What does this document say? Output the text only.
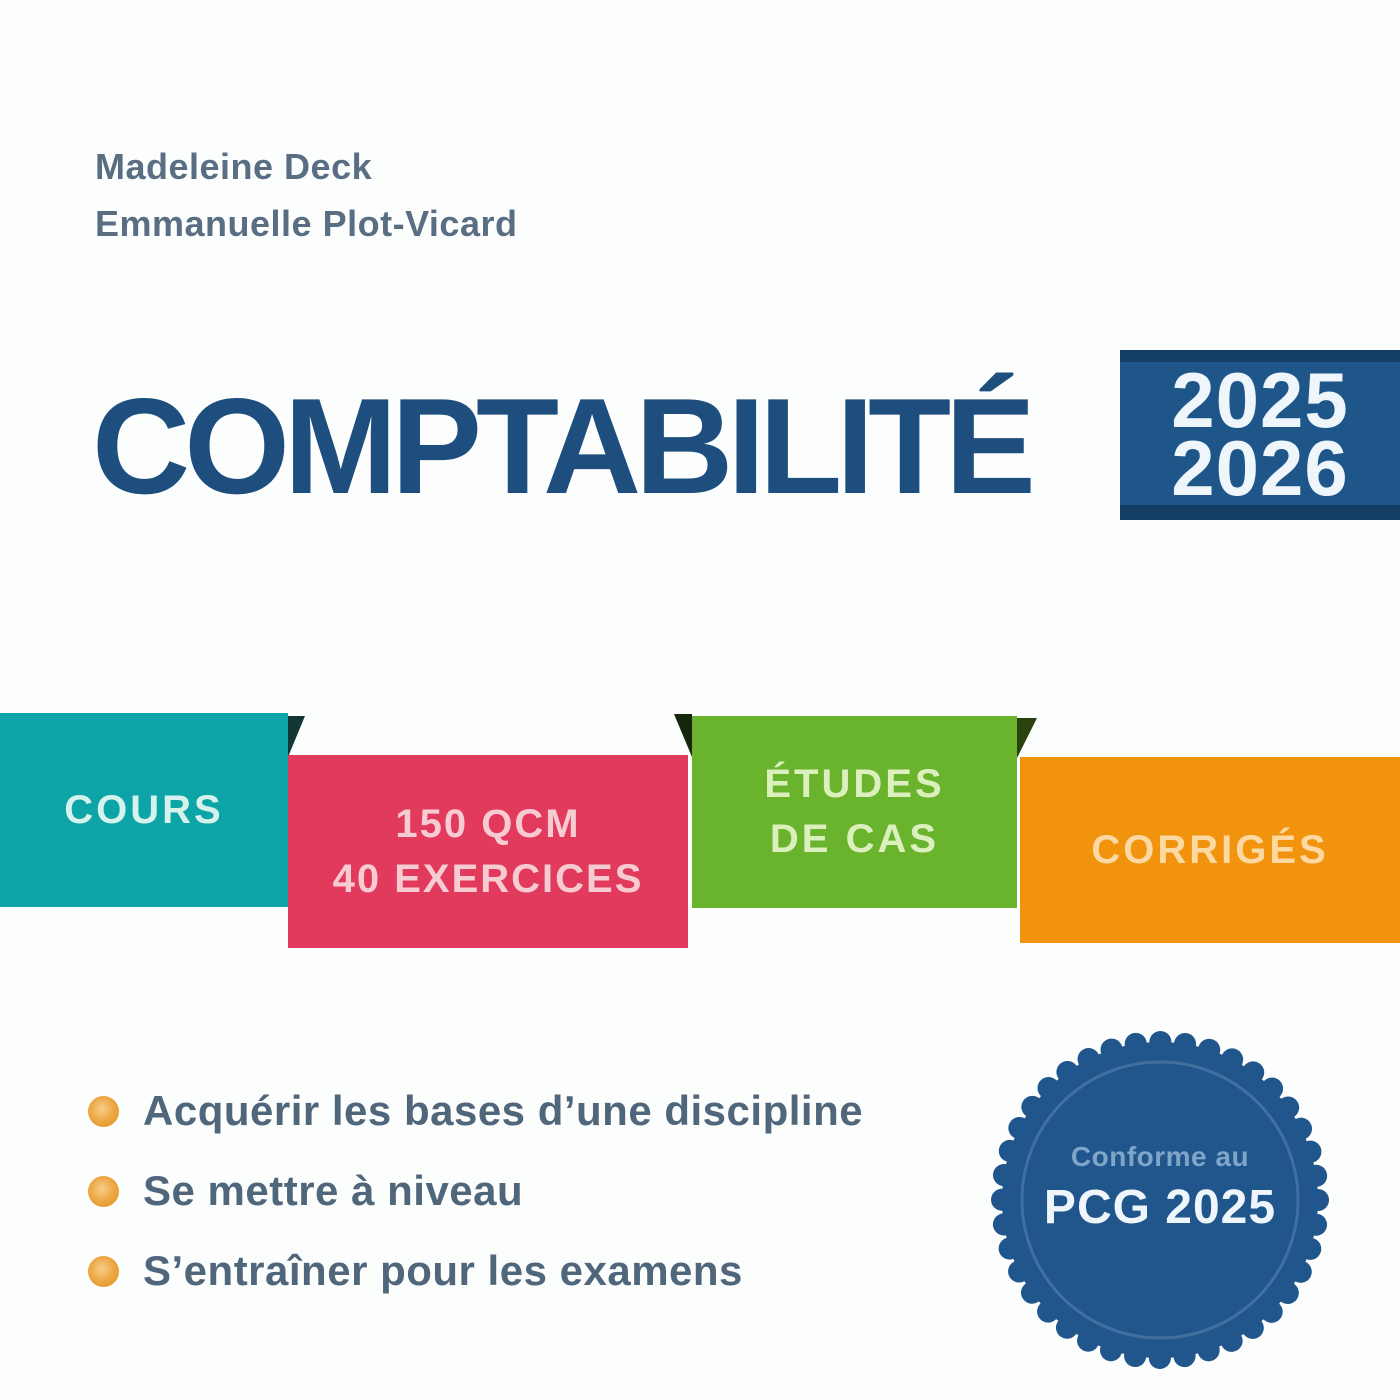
Madeleine Deck
Emmanuelle Plot-Vicard
COMPTABILITÉ 2025
2026
COURS	150 QCM
40 EXERCICES
ÉTUDES
DE CAS	CORRIGÉS
Acquérir les bases d’une discipline
Se mettre à niveau
S’entraîner pour les examens
Conforme au
PCG 2025
